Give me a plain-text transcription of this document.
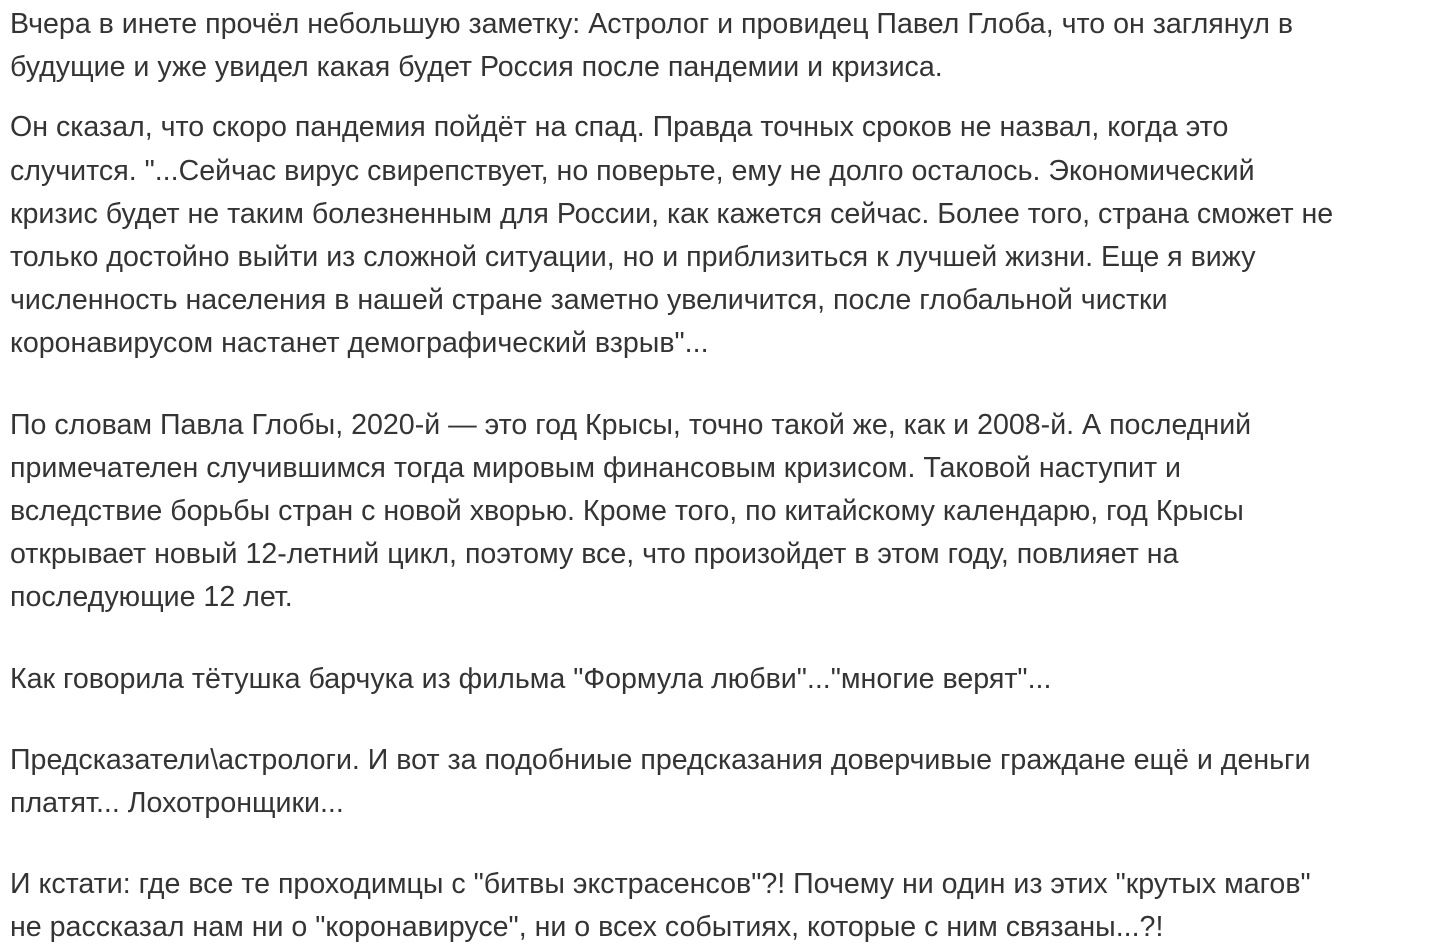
Вчера в инете прочёл небольшую заметку: Астролог и провидец Павел Глоба, что он заглянул в
будущие и уже увидел какая будет Россия после пандемии и кризиса.

Он сказал, что скоро пандемия пойдёт на спад. Правда точных сроков не назвал, когда это
случится. "...Сейчас вирус свирепствует, но поверьте, ему не долго осталось. Экономический
кризис будет не таким болезненным для России, как кажется сейчас. Более того, страна сможет не
только достойно выйти из сложной ситуации, но и приблизиться к лучшей жизни. Еще я вижу
численность населения в нашей стране заметно увеличится, после глобальной чистки
коронавирусом настанет демографический взрыв"...

По словам Павла Глобы, 2020-й — это год Крысы, точно такой же, как и 2008-й. А последний
примечателен случившимся тогда мировым финансовым кризисом. Таковой наступит и
вследствие борьбы стран с новой хворью. Кроме того, по китайскому календарю, год Крысы
открывает новый 12-летний цикл, поэтому все, что произойдет в этом году, повлияет на
последующие 12 лет.

Как говорила тётушка барчука из фильма "Формула любви"..."многие верят"...

Предсказатели\астрологи. И вот за подобниые предсказания доверчивые граждане ещё и деньги
платят... Лохотронщики...

И кстати: где все те проходимцы с "битвы экстрасенсов"?! Почему ни один из этих "крутых магов"
не рассказал нам ни о "коронавирусе", ни о всех событиях, которые с ним связаны...?!
